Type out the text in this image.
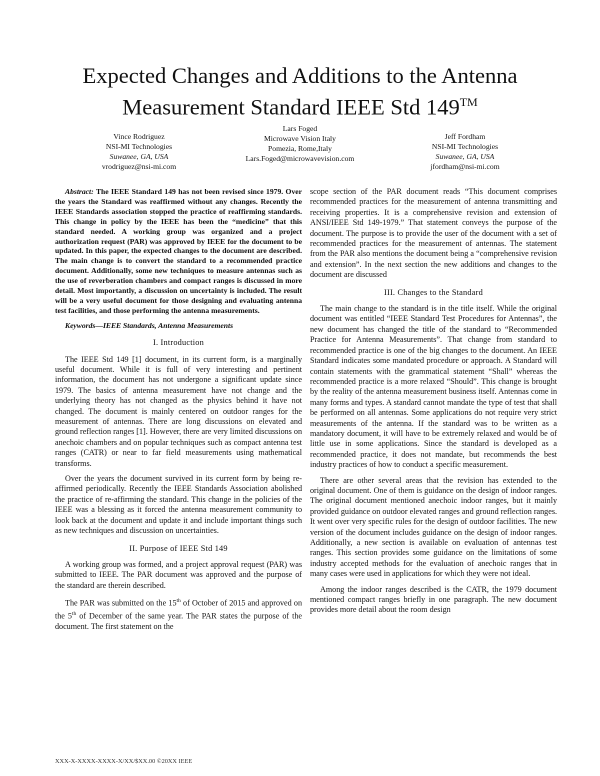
Expected Changes and Additions to the Antenna
Measurement Standard IEEE Std 149™
Vince Rodriguez
NSI-MI Technologies
Suwanee, GA, USA
vrodriguez@nsi-mi.com
Lars Foged
Microwave Vision Italy
Pomezia, Rome,Italy
Lars.Foged@microwavevision.com
Jeff Fordham
NSI-MI Technologies
Suwanee, GA, USA
jfordham@nsi-mi.com

Abstract: The IEEE Standard 149 has not been revised since 1979. Over the years the Standard was reaffirmed without any changes. Recently the IEEE Standards association stopped the practice of reaffirming standards. This change in policy by the IEEE has been the “medicine” that this standard needed. A working group was organized and a project authorization request (PAR) was approved by IEEE for the document to be updated. In this paper, the expected changes to the document are described. The main change is to convert the standard to a recommended practice document. Additionally, some new techniques to measure antennas such as the use of reverberation chambers and compact ranges is discussed in more detail. Most importantly, a discussion on uncertainty is included. The result will be a very useful document for those designing and evaluating antenna test facilities, and those performing the antenna measurements.

Keywords—IEEE Standards, Antenna Measurements

I. Introduction

The IEEE Std 149 [1] document, in its current form, is a marginally useful document. While it is full of very interesting and pertinent information, the document has not undergone a significant update since 1979. The basics of antenna measurement have not change and the underlying theory has not changed as the physics behind it have not changed. The document is mainly centered on outdoor ranges for the measurement of antennas. There are long discussions on elevated and ground reflection ranges [1]. However, there are very limited discussions on anechoic chambers and on popular techniques such as compact antenna test ranges (CATR) or near to far field measurements using mathematical transforms.

Over the years the document survived in its current form by being re-affirmed periodically. Recently the IEEE Standards Association abolished the practice of re-affirming the standard. This change in the policies of the IEEE was a blessing as it forced the antenna measurement community to look back at the document and update it and include important things such as new techniques and discussion on uncertainties.

II. Purpose of IEEE Std 149

A working group was formed, and a project approval request (PAR) was submitted to IEEE. The PAR document was approved and the purpose of the standard are therein described.

The PAR was submitted on the 15th of October of 2015 and approved on the 5th of December of the same year. The PAR states the purpose of the document. The first statement on the

scope section of the PAR document reads “This document comprises recommended practices for the measurement of antenna transmitting and receiving properties. It is a comprehensive revision and extension of ANSI/IEEE Std 149-1979.” That statement conveys the purpose of the document. The purpose is to provide the user of the document with a set of recommended practices for the measurement of antennas. The statement from the PAR also mentions the document being a “comprehensive revision and extension”. In the next section the new additions and changes to the document are discussed

III. Changes to the Standard

The main change to the standard is in the title itself. While the original document was entitled “IEEE Standard Test Procedures for Antennas”, the new document has changed the title of the standard to “Recommended Practice for Antenna Measurements”. That change from standard to recommended practice is one of the big changes to the document. An IEEE Standard indicates some mandated procedure or approach. A Standard will contain statements with the grammatical statement “Shall” whereas the recommended practice is a more relaxed “Should”. This change is brought by the reality of the antenna measurement business itself. Antennas come in many forms and types. A standard cannot mandate the type of test that shall be performed on all antennas. Some applications do not require very strict measurements of the antenna. If the standard was to be written as a mandatory document, it will have to be extremely relaxed and would be of little use in some applications. Since the standard is developed as a recommended practice, it does not mandate, but recommends the best industry practices of how to conduct a specific measurement.

There are other several areas that the revision has extended to the original document. One of them is guidance on the design of indoor ranges. The original document mentioned anechoic indoor ranges, but it mainly provided guidance on outdoor elevated ranges and ground reflection ranges. It went over very specific rules for the design of outdoor facilities. The new version of the document includes guidance on the design of indoor ranges. Additionally, a new section is available on evaluation of antennas test ranges. This section provides some guidance on the limitations of some industry accepted methods for the evaluation of anechoic ranges that in many cases were used in applications for which they were not ideal.

Among the indoor ranges described is the CATR, the 1979 document mentioned compact ranges briefly in one paragraph. The new document provides more detail about the room design

XXX-X-XXXX-XXXX-X/XX/$XX.00 ©20XX IEEE
